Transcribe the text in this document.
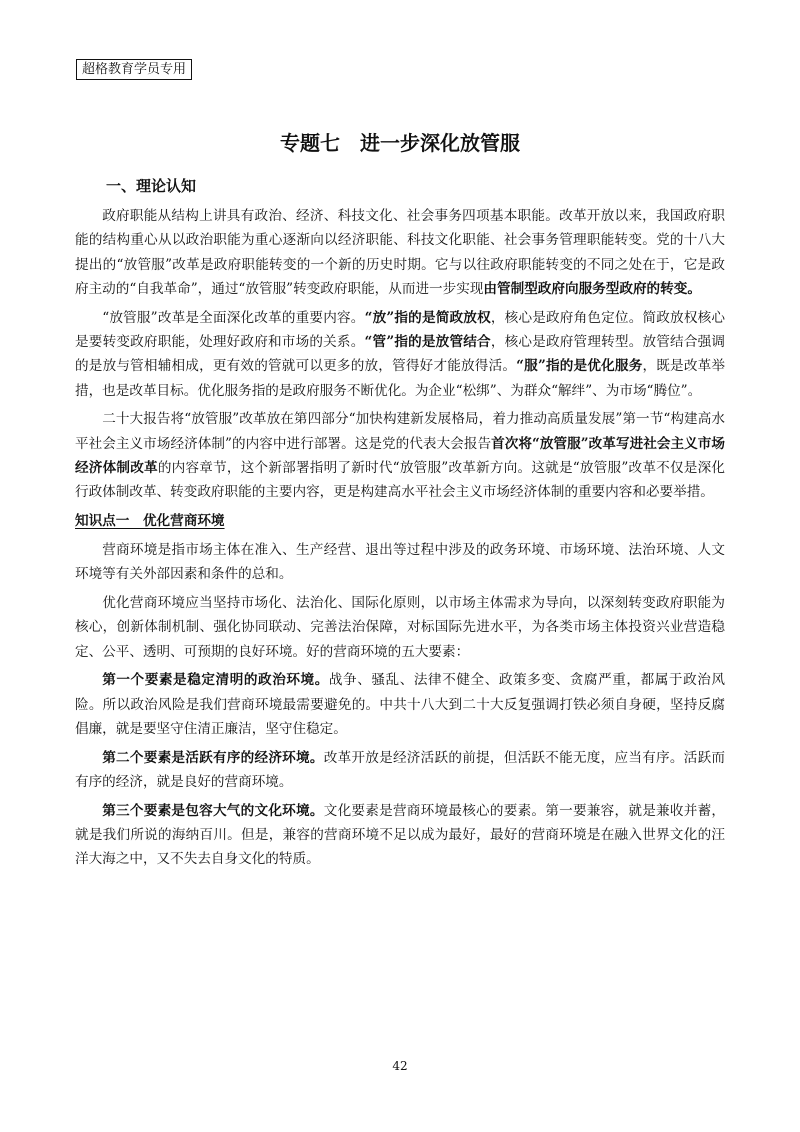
超格教育学员专用
专题七　进一步深化放管服
一、理论认知

政府职能从结构上讲具有政治、经济、科技文化、社会事务四项基本职能。改革开放以来，我国政府职能的结构重心从以政治职能为重心逐渐向以经济职能、科技文化职能、社会事务管理职能转变。党的十八大提出的“放管服”改革是政府职能转变的一个新的历史时期。它与以往政府职能转变的不同之处在于，它是政府主动的“自我革命”，通过“放管服”转变政府职能，从而进一步实现由管制型政府向服务型政府的转变。

“放管服”改革是全面深化改革的重要内容。“放”指的是简政放权，核心是政府角色定位。简政放权核心是要转变政府职能，处理好政府和市场的关系。“管”指的是放管结合，核心是政府管理转型。放管结合强调的是放与管相辅相成，更有效的管就可以更多的放，管得好才能放得活。“服”指的是优化服务，既是改革举措，也是改革目标。优化服务指的是政府服务不断优化。为企业“松绑”、为群众“解绊”、为市场“腾位”。

二十大报告将“放管服”改革放在第四部分“加快构建新发展格局，着力推动高质量发展”第一节“构建高水平社会主义市场经济体制”的内容中进行部署。这是党的代表大会报告首次将“放管服”改革写进社会主义市场经济体制改革的内容章节，这个新部署指明了新时代“放管服”改革新方向。这就是“放管服”改革不仅是深化行政体制改革、转变政府职能的主要内容，更是构建高水平社会主义市场经济体制的重要内容和必要举措。

知识点一　优化营商环境

营商环境是指市场主体在准入、生产经营、退出等过程中涉及的政务环境、市场环境、法治环境、人文环境等有关外部因素和条件的总和。

优化营商环境应当坚持市场化、法治化、国际化原则，以市场主体需求为导向，以深刻转变政府职能为核心，创新体制机制、强化协同联动、完善法治保障，对标国际先进水平，为各类市场主体投资兴业营造稳定、公平、透明、可预期的良好环境。好的营商环境的五大要素：

第一个要素是稳定清明的政治环境。战争、骚乱、法律不健全、政策多变、贪腐严重，都属于政治风险。所以政治风险是我们营商环境最需要避免的。中共十八大到二十大反复强调打铁必须自身硬，坚持反腐倡廉，就是要坚守住清正廉洁，坚守住稳定。

第二个要素是活跃有序的经济环境。改革开放是经济活跃的前提，但活跃不能无度，应当有序。活跃而有序的经济，就是良好的营商环境。

第三个要素是包容大气的文化环境。文化要素是营商环境最核心的要素。第一要兼容，就是兼收并蓄，就是我们所说的海纳百川。但是，兼容的营商环境不足以成为最好，最好的营商环境是在融入世界文化的汪洋大海之中，又不失去自身文化的特质。

42
